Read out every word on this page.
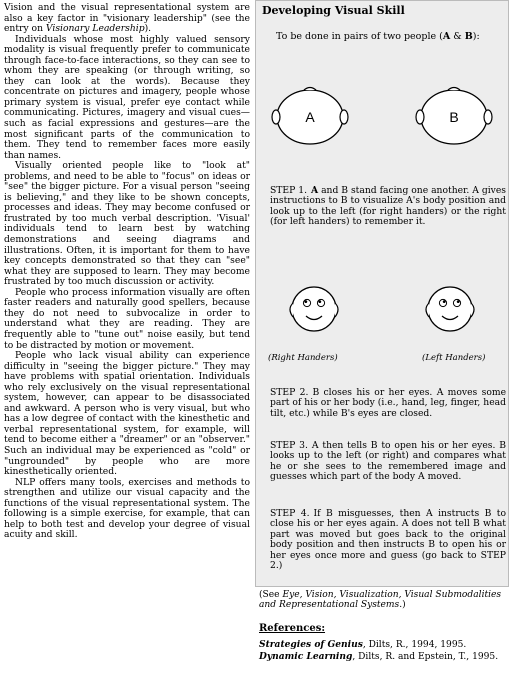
Vision and the visual representational system are also a key factor in "visionary leadership" (see the entry on Visionary Leadership).

Individuals whose most highly valued sensory modality is visual frequently prefer to communicate through face-to-face interactions, so they can see to whom they are speaking (or through writing, so they can look at the words). Because they concentrate on pictures and imagery, people whose primary system is visual, prefer eye contact while communicating. Pictures, imagery and visual cues—such as facial expressions and gestures—are the most significant parts of the communication to them. They tend to remember faces more easily than names.

Visually oriented people like to "look at" problems, and need to be able to "focus" on ideas or "see" the bigger picture. For a visual person "seeing is believing," and they like to be shown concepts, processes and ideas. They may become confused or frustrated by too much verbal description. 'Visual' individuals tend to learn best by watching demonstrations and seeing diagrams and illustrations. Often, it is important for them to have key concepts demonstrated so that they can "see" what they are supposed to learn. They may become frustrated by too much discussion or activity.

People who process information visually are often faster readers and naturally good spellers, because they do not need to subvocalize in order to understand what they are reading. They are frequently able to "tune out" noise easily, but tend to be distracted by motion or movement.

People who lack visual ability can experience difficulty in "seeing the bigger picture." They may have problems with spatial orientation. Individuals who rely exclusively on the visual representational system, however, can appear to be disassociated and awkward. A person who is very visual, but who has a low degree of contact with the kinesthetic and verbal representational system, for example, will tend to become either a "dreamer" or an "observer." Such an individual may be experienced as "cold" or "ungrounded" by people who are more kinesthetically oriented.

NLP offers many tools, exercises and methods to strengthen and utilize our visual capacity and the functions of the visual representational system. The following is a simple exercise, for example, that can help to both test and develop your degree of visual acuity and skill.

Developing Visual Skill
To be done in pairs of two people (A & B):
A	B
STEP 1. A and B stand facing one another. A gives instructions to B to visualize A's body position and look up to the left (for right handers) or the right (for left handers) to remember it.
(Right Handers)	(Left Handers)
STEP 2. B closes his or her eyes. A moves some part of his or her body (i.e., hand, leg, finger, head tilt, etc.) while B's eyes are closed.
STEP 3. A then tells B to open his or her eyes. B looks up to the left (or right) and compares what he or she sees to the remembered image and guesses which part of the body A moved.
STEP 4. If B misguesses, then A instructs B to close his or her eyes again. A does not tell B what part was moved but goes back to the original body position and then instructs B to open his or her eyes once more and guess (go back to STEP 2.)
(See Eye, Vision, Visualization, Visual Submodalities and Representational Systems.)
References:
Strategies of Genius, Dilts, R., 1994, 1995.
Dynamic Learning, Dilts, R. and Epstein, T., 1995.
